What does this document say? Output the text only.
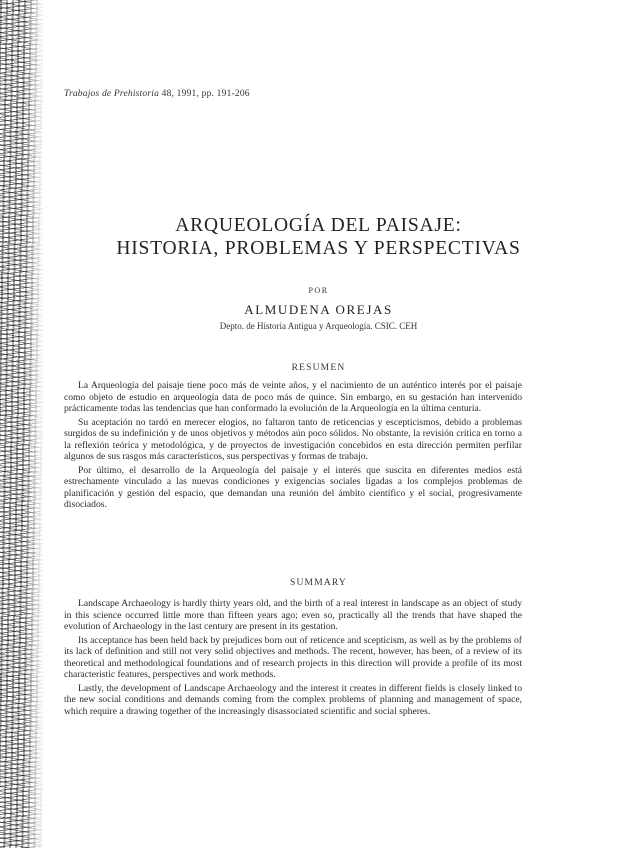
Trabajos de Prehistoria 48, 1991, pp. 191-206
ARQUEOLOGÍA DEL PAISAJE:
HISTORIA, PROBLEMAS Y PERSPECTIVAS
POR
ALMUDENA OREJAS
Depto. de Historia Antigua y Arqueología. CSIC. CEH
RESUMEN

La Arqueología del paisaje tiene poco más de veinte años, y el nacimiento de un auténtico interés por el paisaje como objeto de estudio en arqueología data de poco más de quince. Sin embargo, en su gestación han intervenido prácticamente todas las tendencias que han conformado la evolución de la Arqueología en la última centuria.

Su aceptación no tardó en merecer elogios, no faltaron tanto de reticencias y escepticismos, debido a problemas surgidos de su indefinición y de unos objetivos y métodos aún poco sólidos. No obstante, la revisión crítica en torno a la reflexión teórica y metodológica, y de proyectos de investigación concebidos en esta dirección permiten perfilar algunos de sus rasgos más característicos, sus perspectivas y formas de trabajo.

Por último, el desarrollo de la Arqueología del paisaje y el interés que suscita en diferentes medios está estrechamente vinculado a las nuevas condiciones y exigencias sociales ligadas a los complejos problemas de planificación y gestión del espacio, que demandan una reunión del ámbito científico y el social, progresivamente disociados.

SUMMARY

Landscape Archaeology is hardly thirty years old, and the birth of a real interest in landscape as an object of study in this science occurred little more than fifteen years ago; even so, practically all the trends that have shaped the evolution of Archaeology in the last century are present in its gestation.

Its acceptance has been held back by prejudices born out of reticence and scepticism, as well as by the problems of its lack of definition and still not very solid objectives and methods. The recent, however, has been, of a review of its theoretical and methodological foundations and of research projects in this direction will provide a profile of its most characteristic features, perspectives and work methods.

Lastly, the development of Landscape Archaeology and the interest it creates in different fields is closely linked to the new social conditions and demands coming from the complex problems of planning and management of space, which require a drawing together of the increasingly disassociated scientific and social spheres.
